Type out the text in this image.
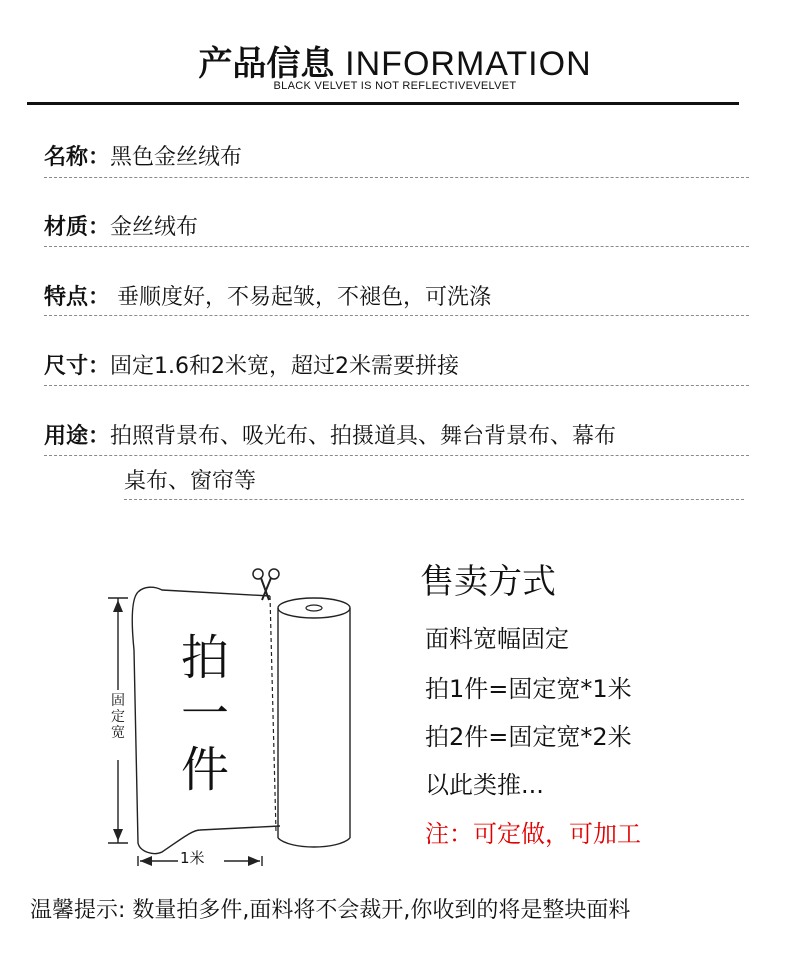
产品信息 INFORMATION
BLACK VELVET IS NOT REFLECTIVEVELVET
名称：黑色金丝绒布
材质：金丝绒布
特点： 垂顺度好，不易起皱，不褪色，可洗涤
尺寸：固定1.6和2米宽，超过2米需要拼接
用途：拍照背景布、吸光布、拍摄道具、舞台背景布、幕布
桌布、窗帘等
固定宽
拍
一
件
1米
售卖方式
面料宽幅固定
拍1件=固定宽*1米
拍2件=固定宽*2米
以此类推...
注：可定做，可加工
温馨提示: 数量拍多件,面料将不会裁开,你收到的将是整块面料
